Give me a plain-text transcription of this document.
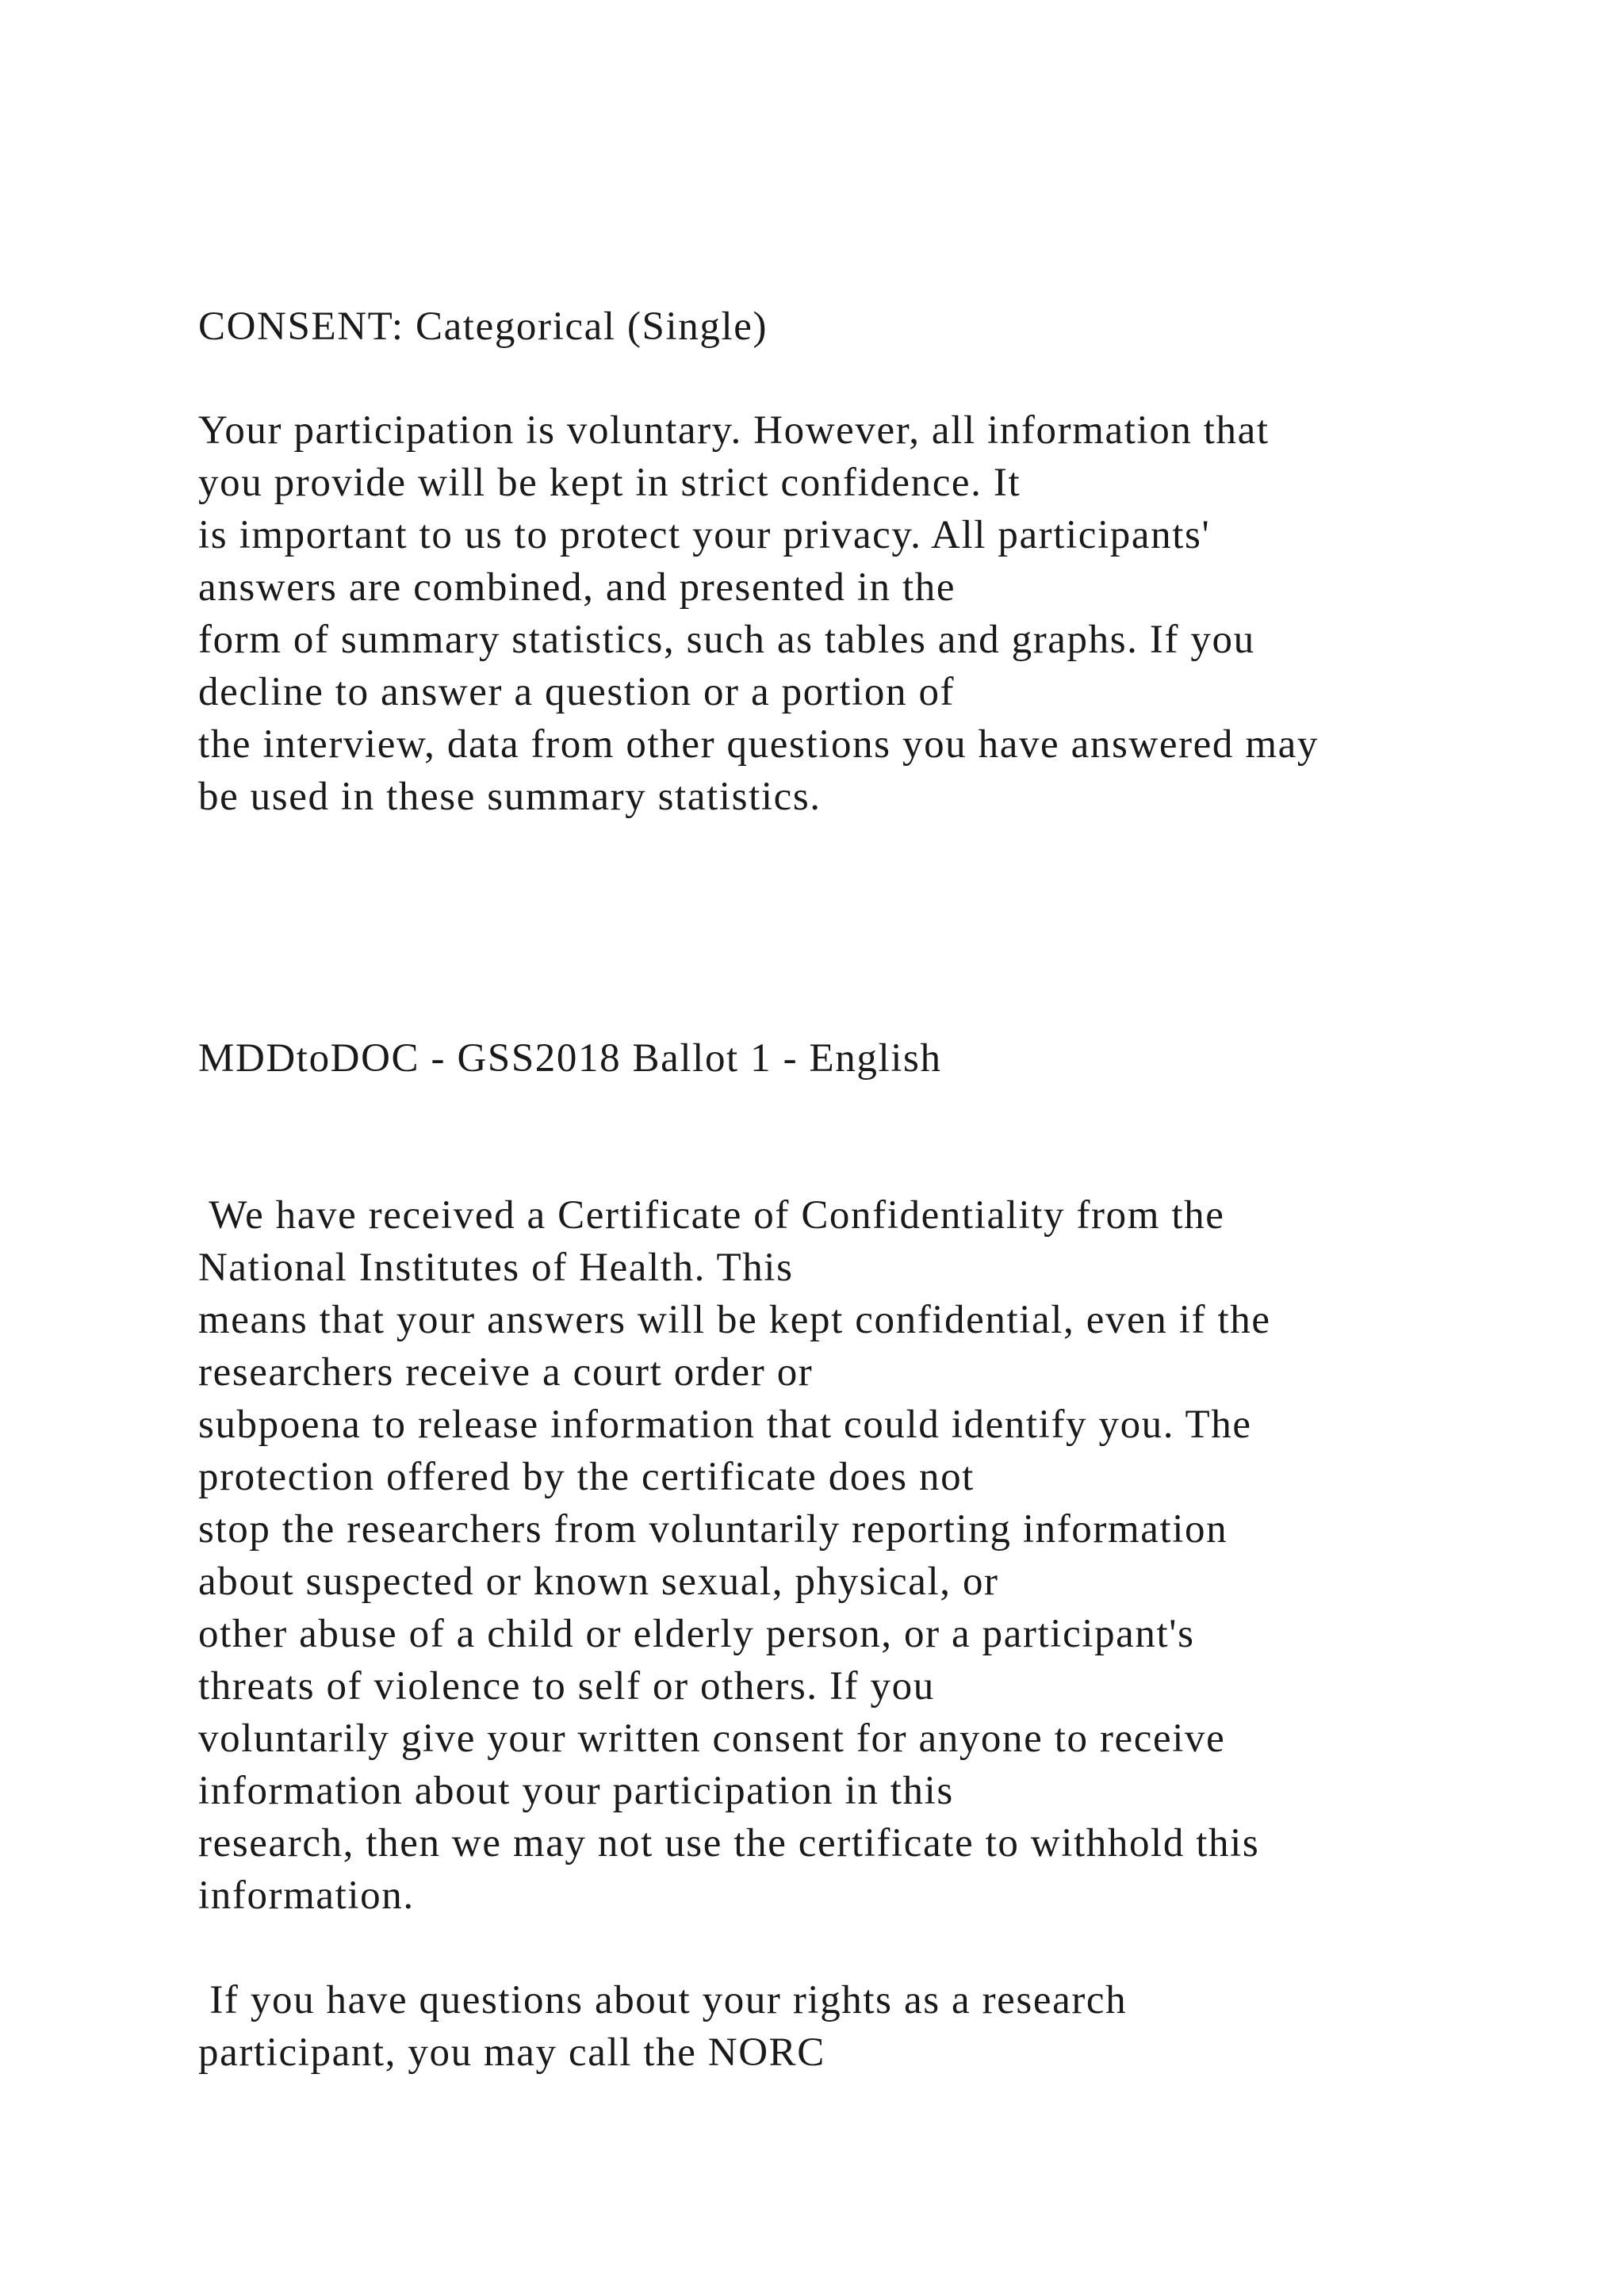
CONSENT: Categorical (Single)
Your participation is voluntary. However, all information that
you provide will be kept in strict confidence. It
is important to us to protect your privacy. All participants'
answers are combined, and presented in the
form of summary statistics, such as tables and graphs. If you
decline to answer a question or a portion of
the interview, data from other questions you have answered may
be used in these summary statistics.
MDDtoDOC - GSS2018 Ballot 1 - English
We have received a Certificate of Confidentiality from the
National Institutes of Health. This
means that your answers will be kept confidential, even if the
researchers receive a court order or
subpoena to release information that could identify you. The
protection offered by the certificate does not
stop the researchers from voluntarily reporting information
about suspected or known sexual, physical, or
other abuse of a child or elderly person, or a participant's
threats of violence to self or others. If you
voluntarily give your written consent for anyone to receive
information about your participation in this
research, then we may not use the certificate to withhold this
information.
If you have questions about your rights as a research
participant, you may call the NORC
